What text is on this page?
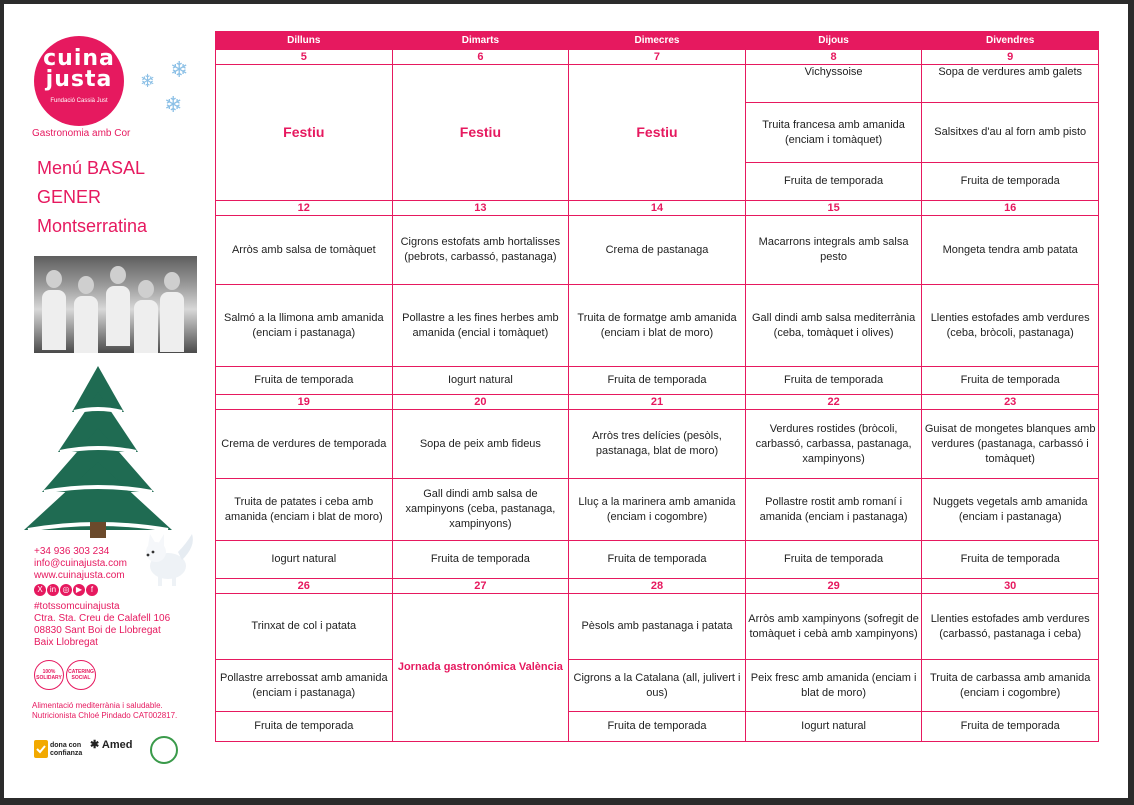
cuina
justa
Fundació Cassià Just
❄
❄
❄
Gastronomia amb Cor
Menú BASAL
GENER
Montserratina
+34 936 303 234
info@cuinajusta.com
www.cuinajusta.com
X in ◎ ▶ f
#totssomcuinajusta
Ctra. Sta. Creu de Calafell 106
08830 Sant Boi de Llobregat
Baix Llobregat
100% SOLIDARY
CATERING SOCIAL
Alimentació mediterrània i saludable.
Nutricionista Chloé Pindado CAT002817.
dona con
confianza
✱ Amed
Dilluns	Dimarts	Dimecres	Dijous	Divendres
5	6	7	8	9
Festiu	Festiu	Festiu	Vichyssoise	Sopa de verdures amb galets
			Truita francesa amb amanida (enciam i tomàquet)	Salsitxes d'au al forn amb pisto
			Fruita de temporada	Fruita de temporada
12	13	14	15	16
Arròs amb salsa de tomàquet	Cigrons estofats amb hortalisses (pebrots, carbassó, pastanaga)	Crema de pastanaga	Macarrons integrals amb salsa pesto	Mongeta tendra amb patata
Salmó a la llimona amb amanida (enciam i pastanaga)	Pollastre a les fines herbes amb amanida (encial i tomàquet)	Truita de formatge amb amanida (enciam i blat de moro)	Gall dindi amb salsa mediterrània (ceba, tomàquet i olives)	Llenties estofades amb verdures (ceba, bròcoli, pastanaga)
Fruita de temporada	Iogurt natural	Fruita de temporada	Fruita de temporada	Fruita de temporada
19	20	21	22	23
Crema de verdures de temporada	Sopa de peix amb fideus	Arròs tres delícies (pesòls, pastanaga, blat de moro)	Verdures rostides (bròcoli, carbassó, carbassa, pastanaga, xampinyons)	Guisat de mongetes blanques amb verdures (pastanaga, carbassó i tomàquet)
Truita de patates i ceba amb amanida (enciam i blat de moro)	Gall dindi amb salsa de xampinyons (ceba, pastanaga, xampinyons)	Lluç a la marinera amb amanida (enciam i cogombre)	Pollastre rostit amb romaní i amanida (enciam i pastanaga)	Nuggets vegetals amb amanida (enciam i pastanaga)
Iogurt natural	Fruita de temporada	Fruita de temporada	Fruita de temporada	Fruita de temporada
26	27	28	29	30
Trinxat de col i patata	Jornada gastronómica València	Pèsols amb pastanaga i patata	Arròs amb xampinyons (sofregit de tomàquet i cebà amb xampinyons)	Llenties estofades amb verdures (carbassó, pastanaga i ceba)
Pollastre arrebossat amb amanida (enciam i pastanaga)		Cigrons a la Catalana (all, julivert i ous)	Peix fresc amb amanida (enciam i blat de moro)	Truita de carbassa amb amanida (enciam i cogombre)
Fruita de temporada		Fruita de temporada	Iogurt natural	Fruita de temporada
